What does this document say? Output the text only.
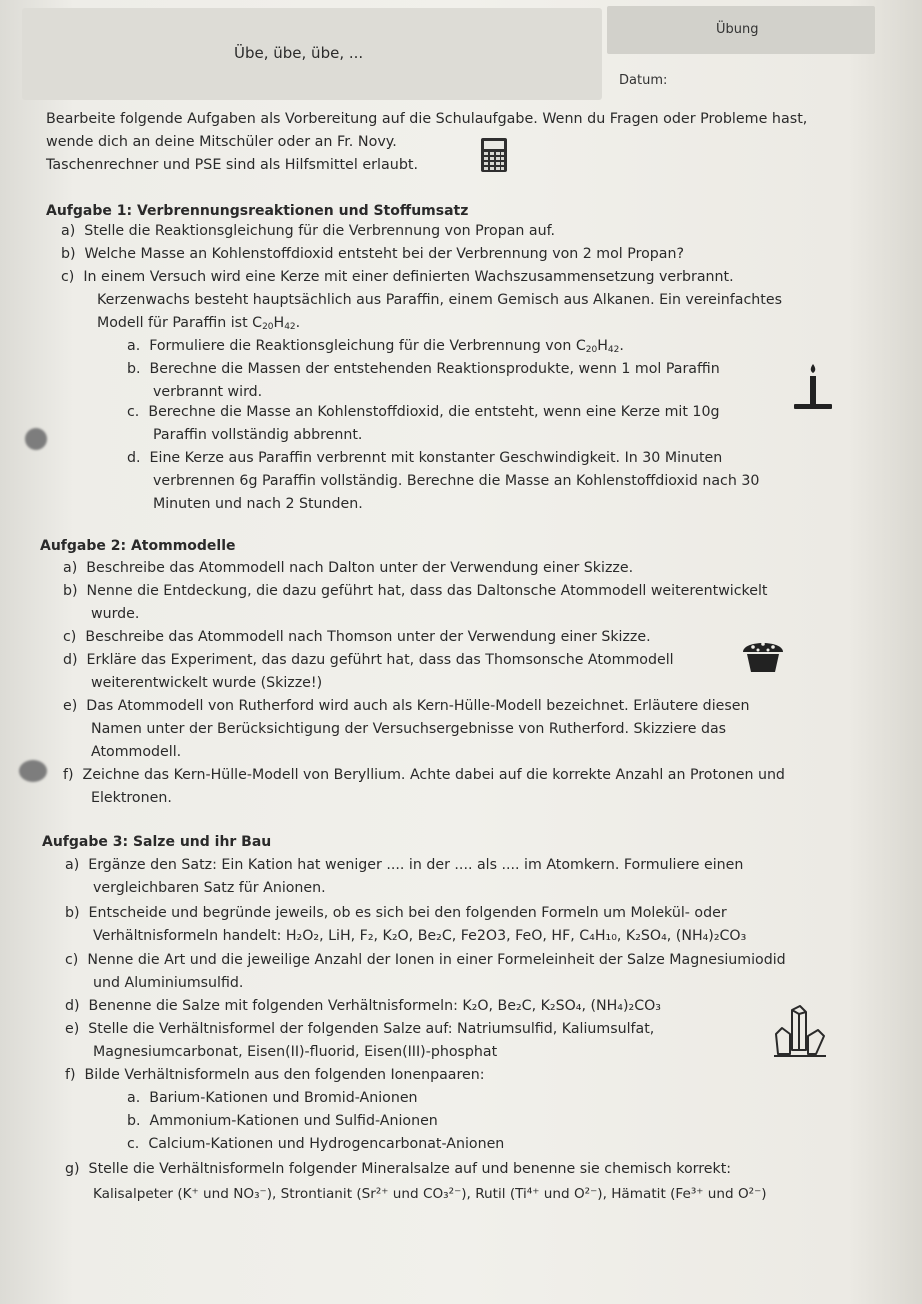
Übe, übe, übe, ...
Übung
Datum:
Bearbeite folgende Aufgaben als Vorbereitung auf die Schulaufgabe. Wenn du Fragen oder Probleme hast,
wende dich an deine Mitschüler oder an Fr. Novy.
Taschenrechner und PSE sind als Hilfsmittel erlaubt.
Aufgabe 1: Verbrennungsreaktionen und Stoffumsatz
a)  Stelle die Reaktionsgleichung für die Verbrennung von Propan auf.
b)  Welche Masse an Kohlenstoffdioxid entsteht bei der Verbrennung von 2 mol Propan?
c)  In einem Versuch wird eine Kerze mit einer definierten Wachszusammensetzung verbrannt.
Kerzenwachs besteht hauptsächlich aus Paraffin, einem Gemisch aus Alkanen. Ein vereinfachtes
Modell für Paraffin ist $C_{20}H_{42}$.
a.  Formuliere die Reaktionsgleichung für die Verbrennung von $C_{20}H_{42}$.
b.  Berechne die Massen der entstehenden Reaktionsprodukte, wenn 1 mol Paraffin
verbrannt wird.
c.  Berechne die Masse an Kohlenstoffdioxid, die entsteht, wenn eine Kerze mit 10g
Paraffin vollständig abbrennt.
d.  Eine Kerze aus Paraffin verbrennt mit konstanter Geschwindigkeit. In 30 Minuten
verbrennen 6g Paraffin vollständig. Berechne die Masse an Kohlenstoffdioxid nach 30
Minuten und nach 2 Stunden.
Aufgabe 2: Atommodelle
a)  Beschreibe das Atommodell nach Dalton unter der Verwendung einer Skizze.
b)  Nenne die Entdeckung, die dazu geführt hat, dass das Daltonsche Atommodell weiterentwickelt
wurde.
c)  Beschreibe das Atommodell nach Thomson unter der Verwendung einer Skizze.
d)  Erkläre das Experiment, das dazu geführt hat, dass das Thomsonsche Atommodell
weiterentwickelt wurde (Skizze!)
e)  Das Atommodell von Rutherford wird auch als Kern-Hülle-Modell bezeichnet. Erläutere diesen
Namen unter der Berücksichtigung der Versuchsergebnisse von Rutherford. Skizziere das
Atommodell.
f)  Zeichne das Kern-Hülle-Modell von Beryllium. Achte dabei auf die korrekte Anzahl an Protonen und
Elektronen.
Aufgabe 3: Salze und ihr Bau
a)  Ergänze den Satz: Ein Kation hat weniger .... in der .... als .... im Atomkern. Formuliere einen
vergleichbaren Satz für Anionen.
b)  Entscheide und begründe jeweils, ob es sich bei den folgenden Formeln um Molekül- oder
Verhältnisformeln handelt: H₂O₂, LiH, F₂, K₂O, Be₂C, Fe2O3, FeO, HF, C₄H₁₀, K₂SO₄, (NH₄)₂CO₃
c)  Nenne die Art und die jeweilige Anzahl der Ionen in einer Formeleinheit der Salze Magnesiumiodid
und Aluminiumsulfid.
d)  Benenne die Salze mit folgenden Verhältnisformeln: K₂O, Be₂C, K₂SO₄, (NH₄)₂CO₃
e)  Stelle die Verhältnisformel der folgenden Salze auf: Natriumsulfid, Kaliumsulfat,
Magnesiumcarbonat, Eisen(II)-fluorid, Eisen(III)-phosphat
f)  Bilde Verhältnisformeln aus den folgenden Ionenpaaren:
a.  Barium-Kationen und Bromid-Anionen
b.  Ammonium-Kationen und Sulfid-Anionen
c.  Calcium-Kationen und Hydrogencarbonat-Anionen
g)  Stelle die Verhältnisformeln folgender Mineralsalze auf und benenne sie chemisch korrekt:
Kalisalpeter (K⁺ und NO₃⁻), Strontianit (Sr²⁺ und CO₃²⁻), Rutil (Ti⁴⁺ und O²⁻), Hämatit (Fe³⁺ und O²⁻)
